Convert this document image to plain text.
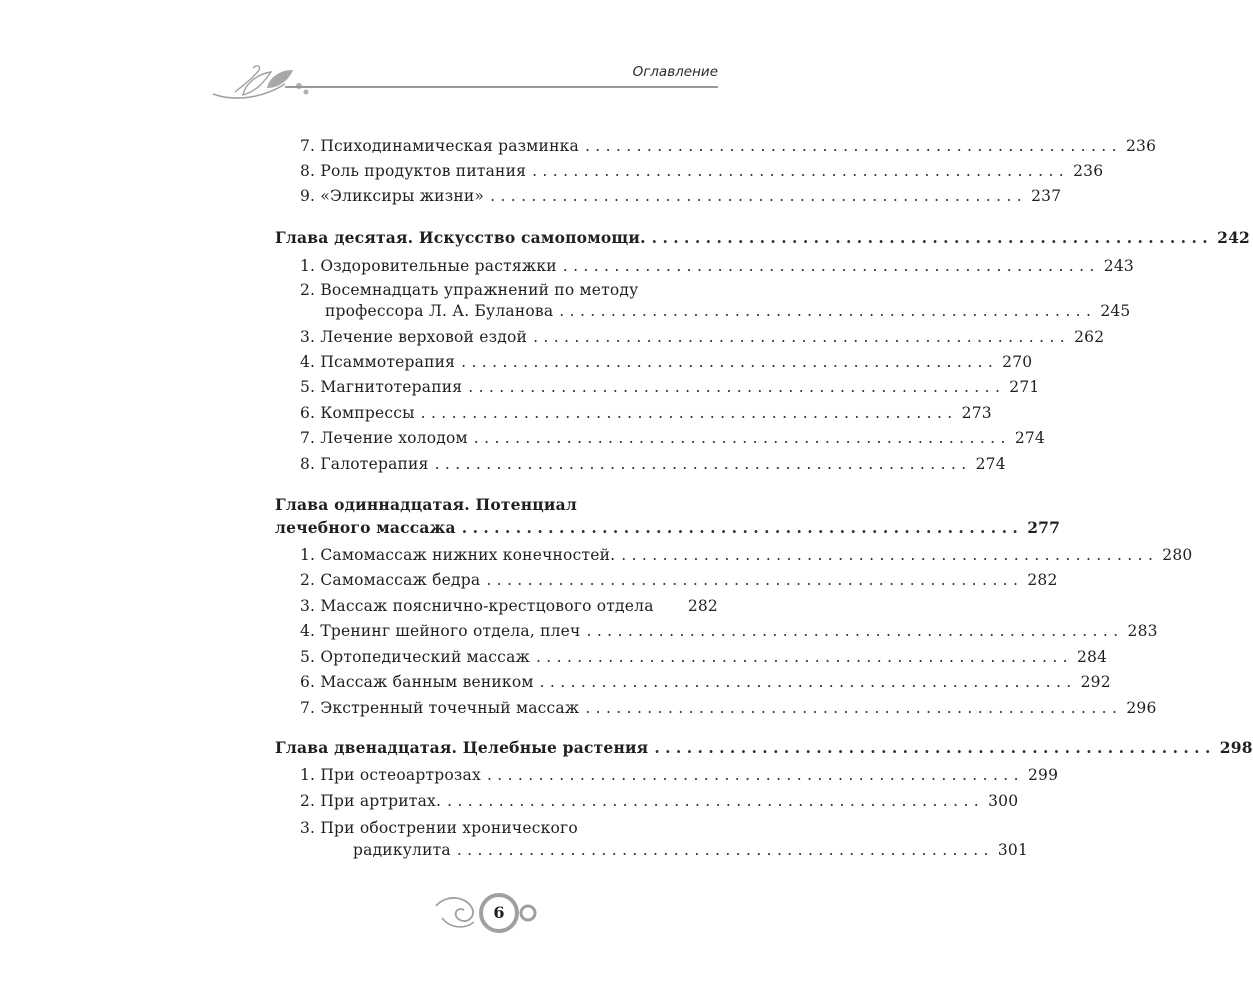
Оглавление
7. Психодинамическая разминка .................................................... 236
8. Роль продуктов питания .................................................... 236
9. «Эликсиры жизни» .................................................... 237
Глава десятая. Искусство самопомощи. .................................................... 242
1. Оздоровительные растяжки .................................................... 243
2. Восемнадцать упражнений по методу
профессора Л. А. Буланова .................................................... 245
3. Лечение верховой ездой .................................................... 262
4. Псаммотерапия .................................................... 270
5. Магнитотерапия .................................................... 271
6. Компрессы .................................................... 273
7. Лечение холодом .................................................... 274
8. Галотерапия .................................................... 274
Глава одиннадцатая. Потенциал
лечебного массажа .................................................... 277
1. Самомассаж нижних конечностей. .................................................... 280
2. Самомассаж бедра .................................................... 282
3. Массаж пояснично-крестцового отдела 282
4. Тренинг шейного отдела, плеч .................................................... 283
5. Ортопедический массаж .................................................... 284
6. Массаж банным веником .................................................... 292
7. Экстренный точечный массаж .................................................... 296
Глава двенадцатая. Целебные растения .................................................... 298
1. При остеоартрозах .................................................... 299
2. При артритах. .................................................... 300
3. При обострении хронического
радикулита .................................................... 301
6
